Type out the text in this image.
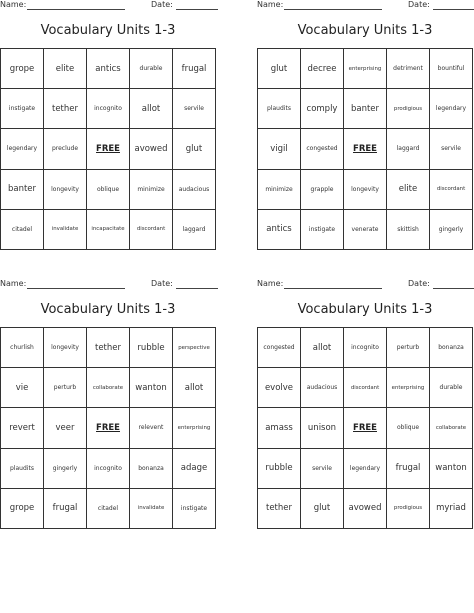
Name:	Date:
Vocabulary Units 1-3
grope	elite	antics	durable	frugal
instigate	tether	incognito	allot	servile
legendary	preclude	FREE	avowed	glut
banter	longevity	oblique	minimize	audacious
citadel	invalidate	incapacitate	discordant	laggard
Name:	Date:
Vocabulary Units 1-3
glut	decree	enterprising	detriment	bountiful
plaudits	comply	banter	prodigious	legendary
vigil	congested	FREE	laggard	servile
minimize	grapple	longevity	elite	discordant
antics	instigate	venerate	skittish	gingerly
Name:	Date:
Vocabulary Units 1-3
churlish	longevity	tether	rubble	perspective
vie	perturb	collaborate	wanton	allot
revert	veer	FREE	relevent	enterprising
plaudits	gingerly	incognito	bonanza	adage
grope	frugal	citadel	invalidate	instigate
Name:	Date:
Vocabulary Units 1-3
congested	allot	incognito	perturb	bonanza
evolve	audacious	discordant	enterprising	durable
amass	unison	FREE	oblique	collaborate
rubble	servile	legendary	frugal	wanton
tether	glut	avowed	prodigious	myriad
